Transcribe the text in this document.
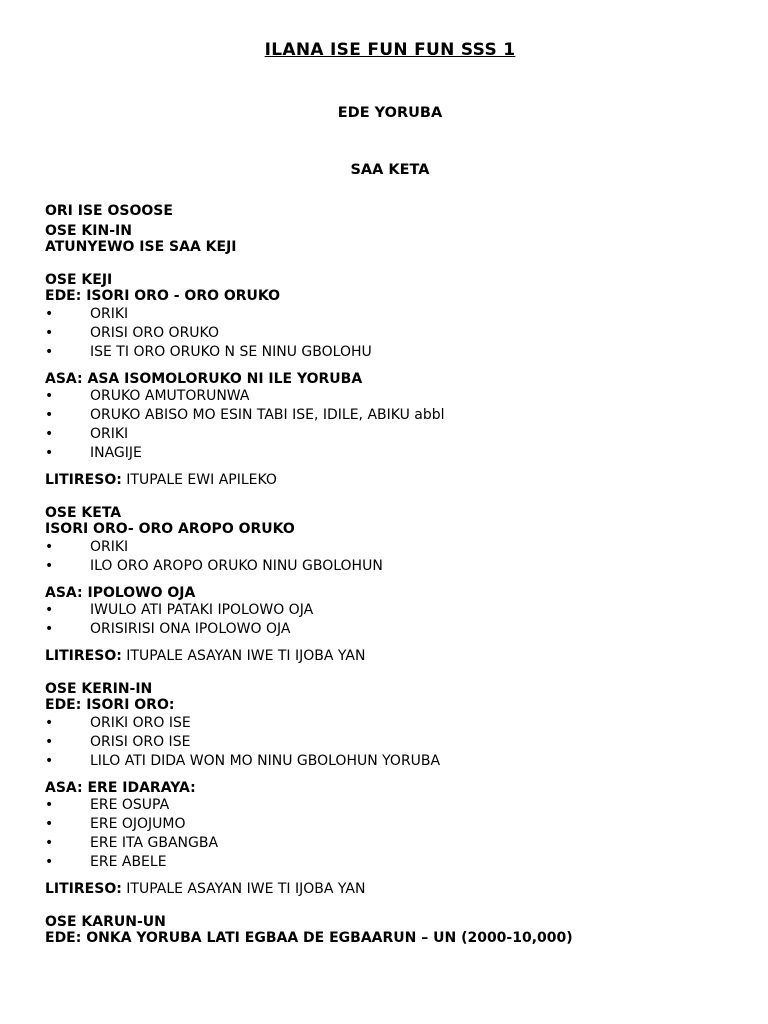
ILANA ISE FUN FUN SSS 1
EDE YORUBA
SAA KETA
ORI ISE OSOOSE
OSE KIN-IN
ATUNYEWO ISE SAA KEJI
OSE KEJI
EDE: ISORI ORO - ORO ORUKO
•	ORIKI
•	ORISI ORO ORUKO
•	ISE TI ORO ORUKO N SE NINU GBOLOHU
ASA: ASA ISOMOLORUKO NI ILE YORUBA
•	ORUKO AMUTORUNWA
•	ORUKO ABISO MO ESIN TABI ISE, IDILE, ABIKU abbl
•	ORIKI
•	INAGIJE
LITIRESO: ITUPALE EWI APILEKO
OSE KETA
ISORI ORO- ORO AROPO ORUKO
•	ORIKI
•	ILO ORO AROPO ORUKO NINU GBOLOHUN
ASA: IPOLOWO OJA
•	IWULO ATI PATAKI IPOLOWO OJA
•	ORISIRISI ONA IPOLOWO OJA
LITIRESO: ITUPALE ASAYAN IWE TI IJOBA YAN
OSE KERIN-IN
EDE: ISORI ORO:
•	ORIKI ORO ISE
•	ORISI ORO ISE
•	LILO ATI DIDA WON MO NINU GBOLOHUN YORUBA
ASA: ERE IDARAYA:
•	ERE OSUPA
•	ERE OJOJUMO
•	ERE ITA GBANGBA
•	ERE ABELE
LITIRESO: ITUPALE ASAYAN IWE TI IJOBA YAN
OSE KARUN-UN
EDE: ONKA YORUBA LATI EGBAA DE EGBAARUN – UN (2000-10,000)
